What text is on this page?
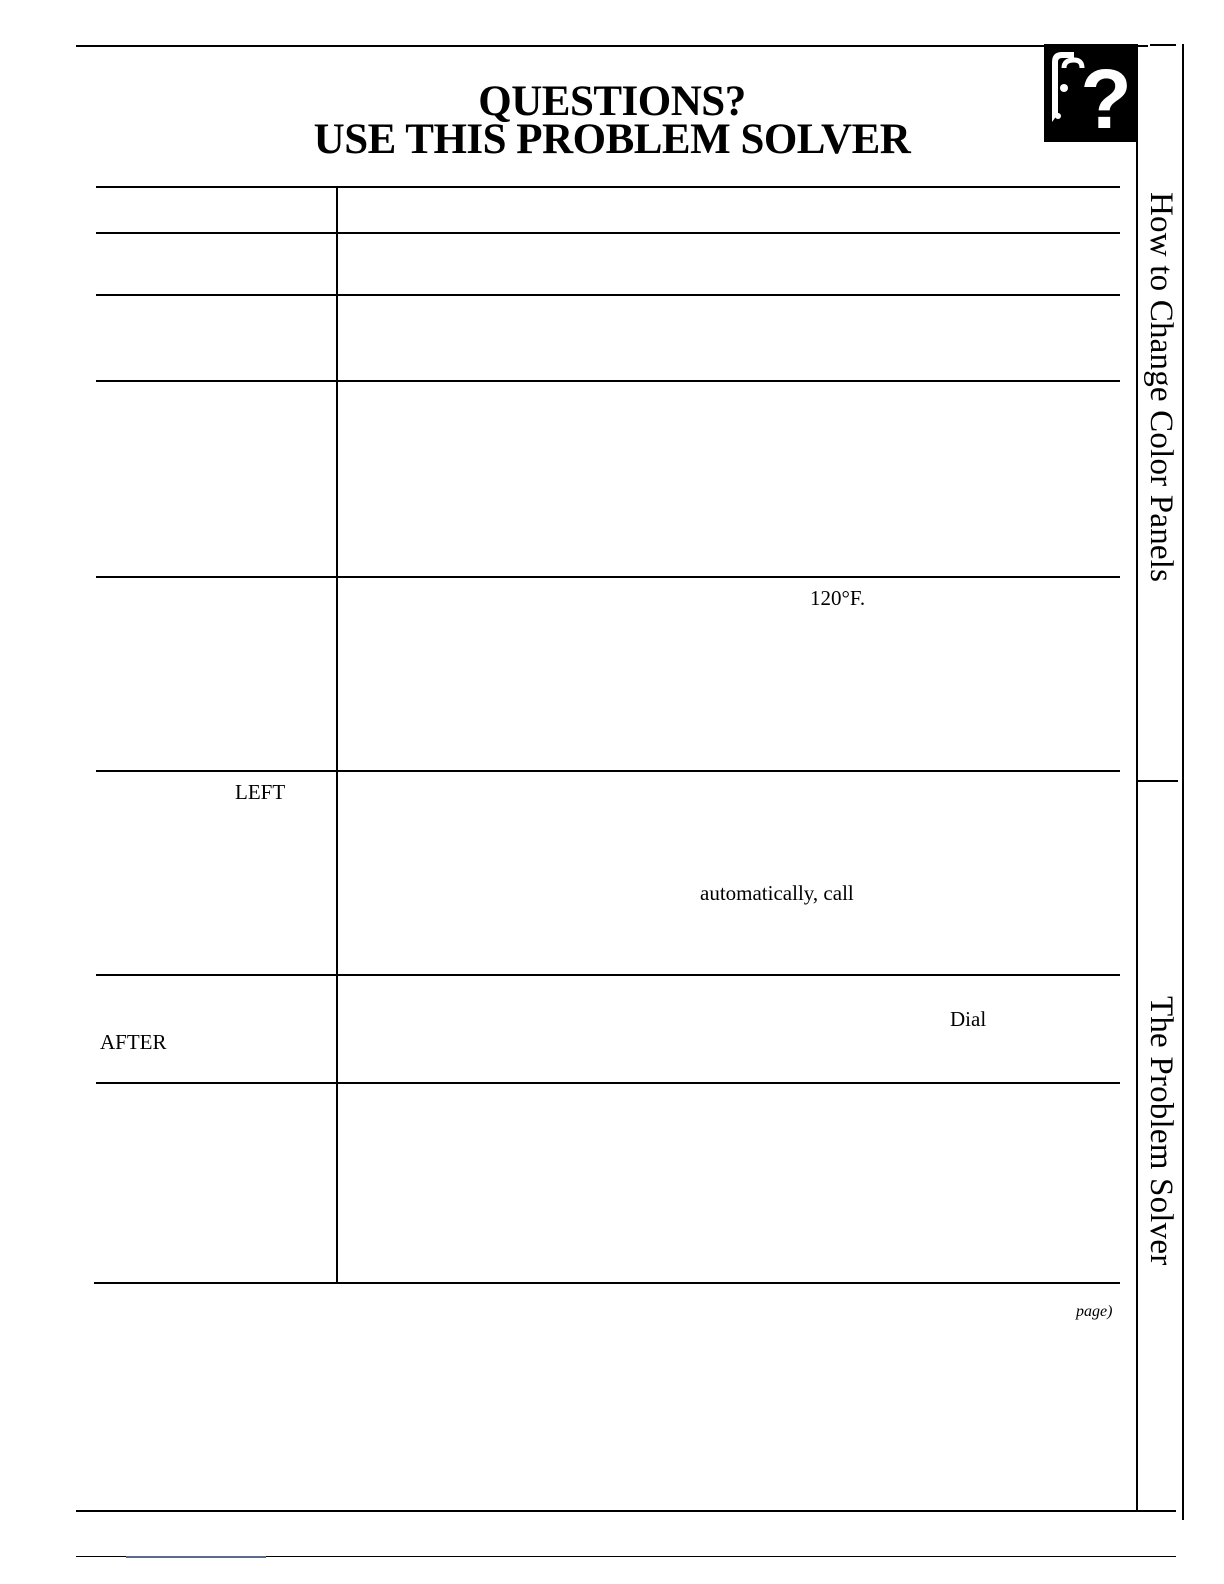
QUESTIONS?
USE THIS PROBLEM SOLVER	?
How to Change Color Panels
The Problem Solver
120°F.
LEFT
automatically, call
AFTER
Dial
page)
